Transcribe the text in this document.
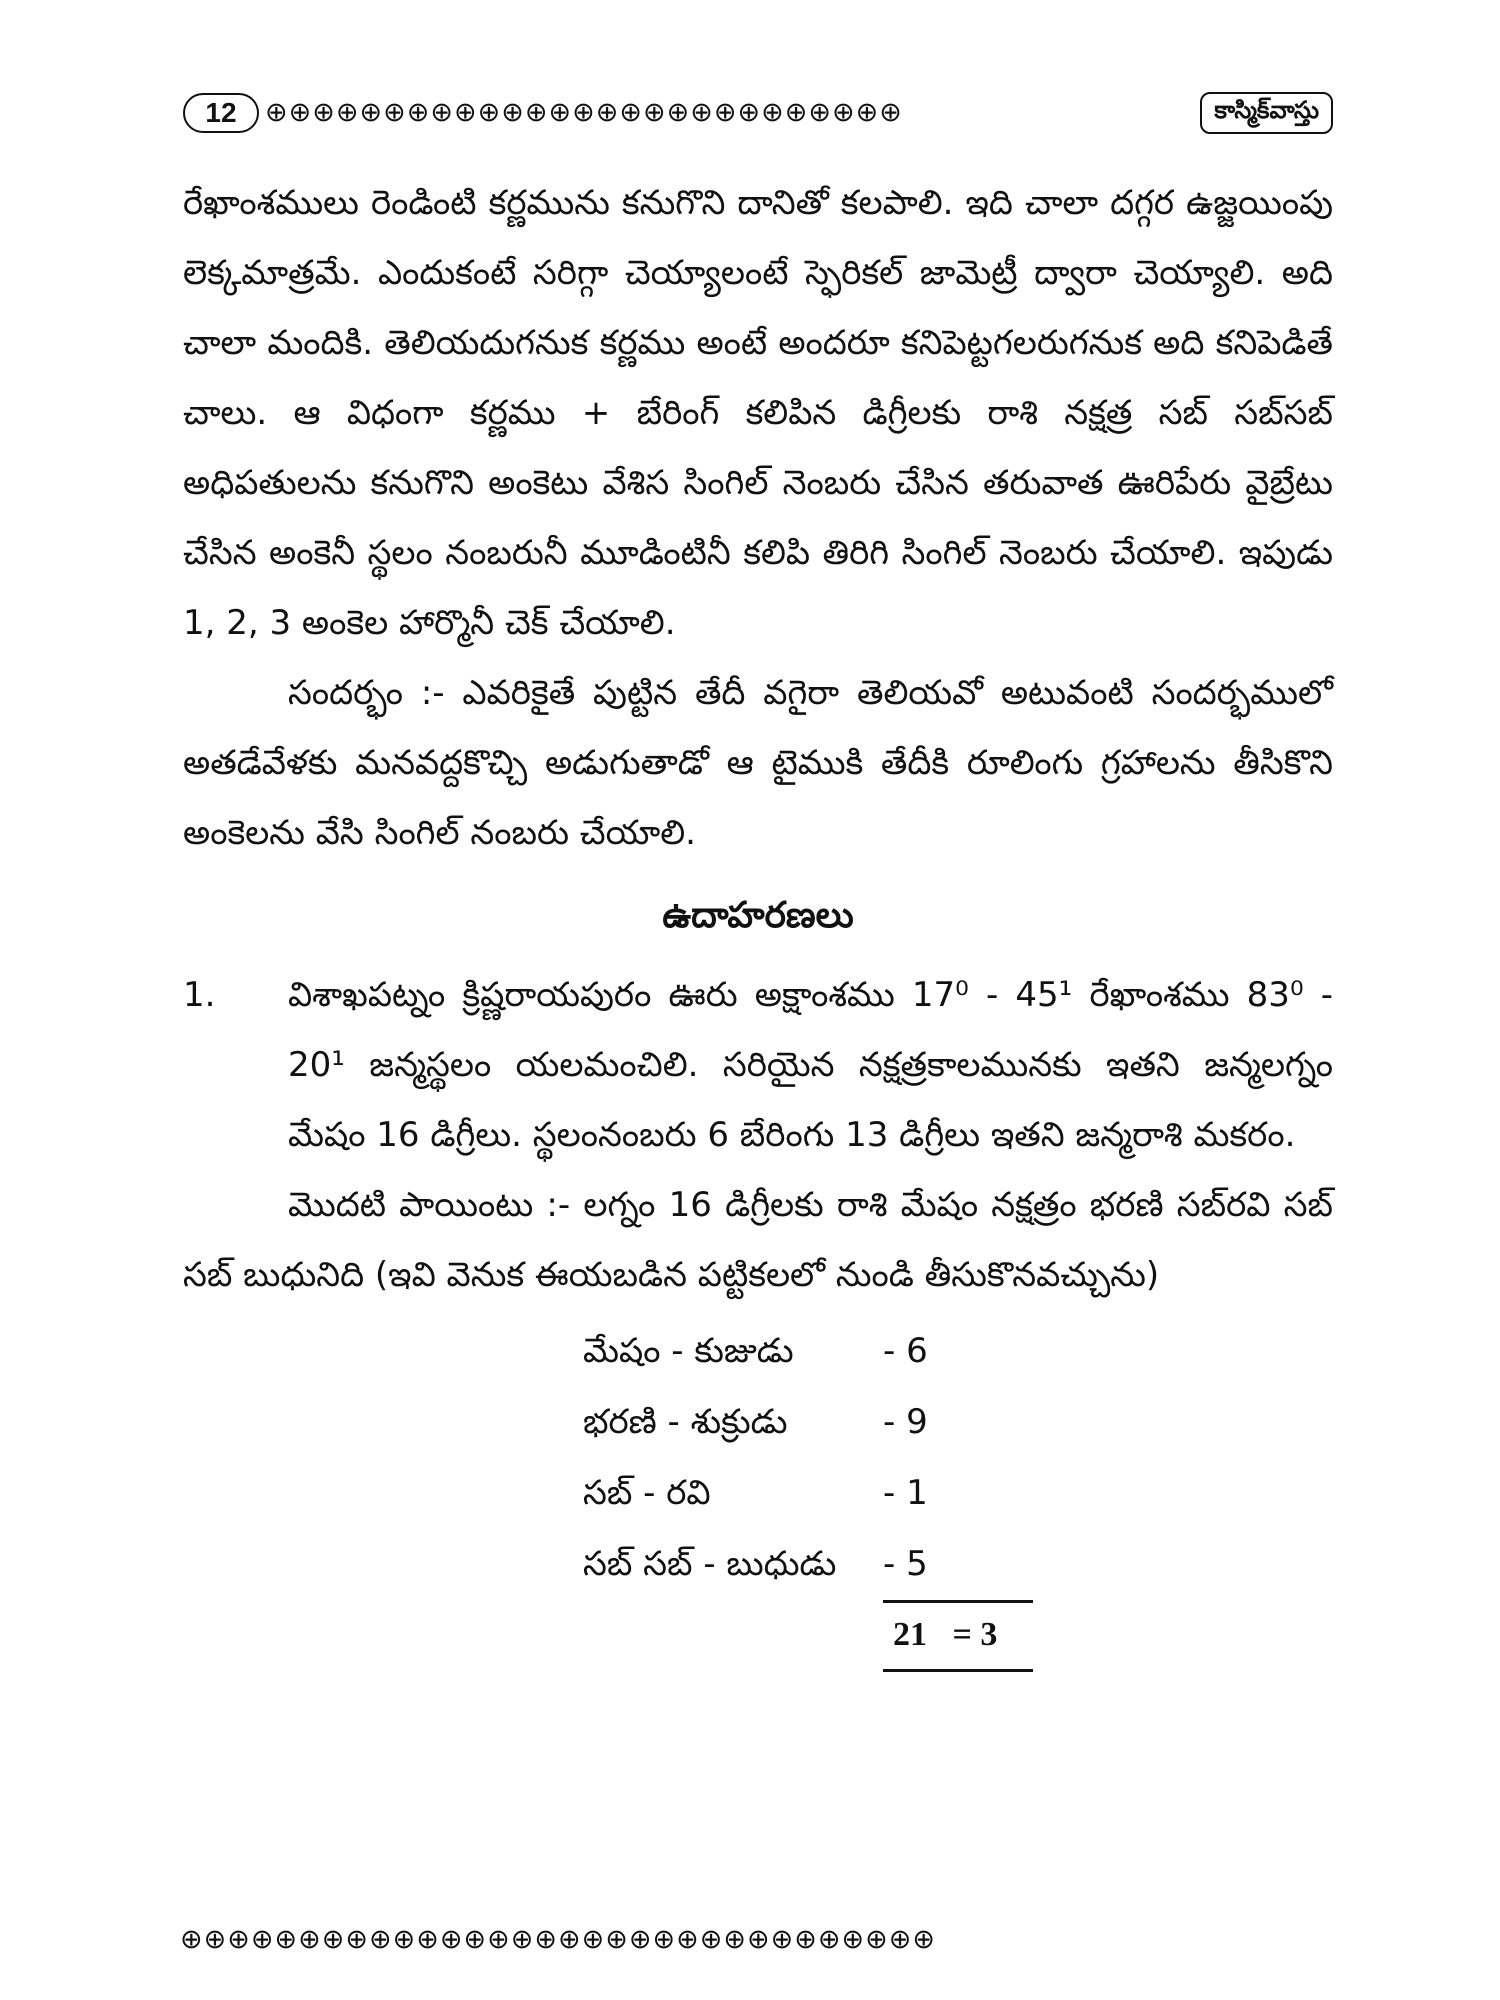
12	⊕⊕⊕⊕⊕⊕⊕⊕⊕⊕⊕⊕⊕⊕⊕⊕⊕⊕⊕⊕⊕⊕⊕⊕⊕⊕⊕	కాస్మిక్‌వాస్తు

రేఖాంశములు రెండింటి కర్ణమును కనుగొని దానితో కలపాలి. ఇది చాలా దగ్గర ఉజ్జయింపు లెక్కమాత్రమే. ఎందుకంటే సరిగ్గా చెయ్యాలంటే స్ఫెరికల్ జామెట్రీ ద్వారా చెయ్యాలి. అది చాలా మందికి. తెలియదుగనుక కర్ణము అంటే అందరూ కనిపెట్టగలరుగనుక అది కనిపెడితే చాలు. ఆ విధంగా కర్ణము + బేరింగ్ కలిపిన డిగ్రీలకు రాశి నక్షత్ర సబ్ సబ్‌సబ్ అధిపతులను కనుగొని అంకెటు వేశిస సింగిల్ నెంబరు చేసిన తరువాత ఊరిపేరు వైబ్రేటు చేసిన అంకెనీ స్థలం నంబరునీ మూడింటినీ కలిపి తిరిగి సింగిల్ నెంబరు చేయాలి. ఇపుడు 1, 2, 3 అంకెల హార్మొనీ చెక్ చేయాలి.

సందర్భం :- ఎవరికైతే పుట్టిన తేదీ వగైరా తెలియవో అటువంటి సందర్భములో అతడేవేళకు మనవద్దకొచ్చి అడుగుతాడో ఆ టైముకి తేదీకి రూలింగు గ్రహాలను తీసికొని అంకెలను వేసి సింగిల్ నంబరు చేయాలి.

ఉదాహరణలు
1.	విశాఖపట్నం క్రిష్ణరాయపురం ఊరు అక్షాంశము 17⁰ - 45¹ రేఖాంశము 83⁰ - 20¹ జన్మస్థలం యలమంచిలి. సరియైన నక్షత్రకాలమునకు ఇతని జన్మలగ్నం మేషం 16 డిగ్రీలు. స్థలంనంబరు 6 బేరింగు 13 డిగ్రీలు ఇతని జన్మరాశి మకరం.

మొదటి పాయింటు :- లగ్నం 16 డిగ్రీలకు రాశి మేషం నక్షత్రం భరణి సబ్‌రవి సబ్ సబ్ బుధునిది (ఇవి వెనుక ఈయబడిన పట్టికలలో నుండి తీసుకొనవచ్చును)

మేషం - కుజుడు	- 6
భరణి - శుక్రుడు	- 9
సబ్ - రవి	- 1
సబ్ సబ్ - బుధుడు	- 5
21   = 3
⊕⊕⊕⊕⊕⊕⊕⊕⊕⊕⊕⊕⊕⊕⊕⊕⊕⊕⊕⊕⊕⊕⊕⊕⊕⊕⊕⊕⊕⊕⊕⊕
